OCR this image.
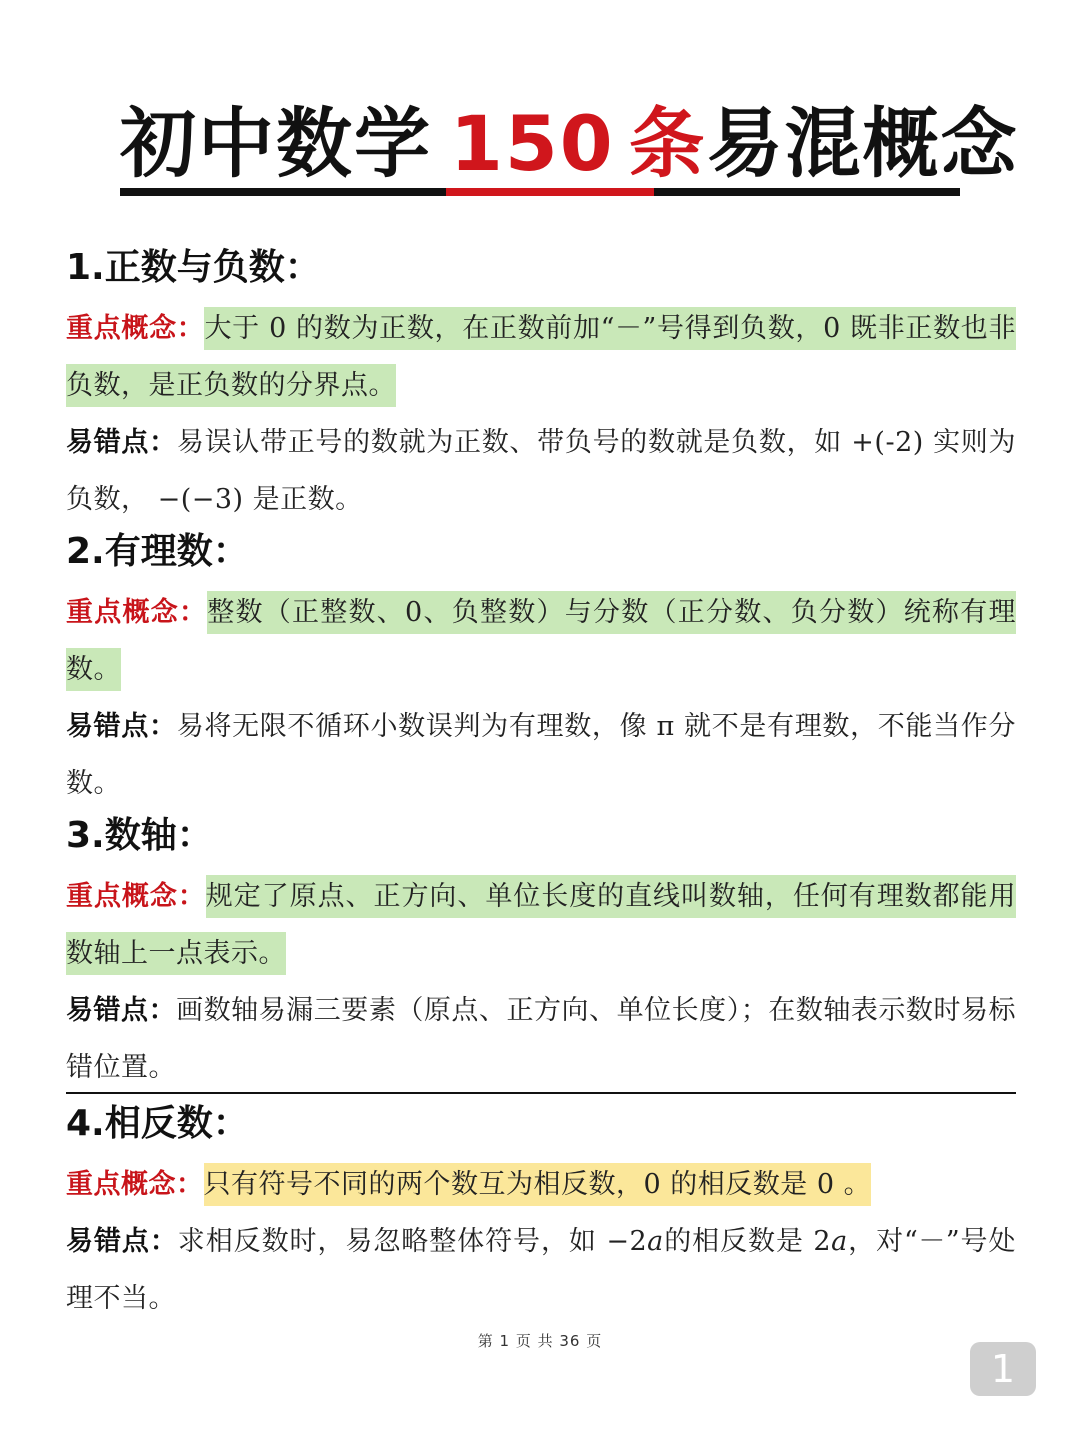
初中数学 150 条 易混概念
1.正数与负数：

重点概念：大于 0 的数为正数，在正数前加“－”号得到负数，0 既非正数也非负数，是正负数的分界点。

易错点：易误认带正号的数就为正数、带负号的数就是负数，如 +(-2) 实则为负数， −(−3) 是正数。

2.有理数：

重点概念：整数（正整数、0、负整数）与分数（正分数、负分数）统称有理数。

易错点：易将无限不循环小数误判为有理数，像 π 就不是有理数，不能当作分数。

3.数轴：

重点概念：规定了原点、正方向、单位长度的直线叫数轴，任何有理数都能用数轴上一点表示。

易错点：画数轴易漏三要素（原点、正方向、单位长度）；在数轴表示数时易标错位置。

4.相反数：

重点概念：只有符号不同的两个数互为相反数，0 的相反数是 0 。

易错点：求相反数时，易忽略整体符号，如 −2𝑎的相反数是 2𝑎，对“－”号处理不当。

第 1 页 共 36 页
1
